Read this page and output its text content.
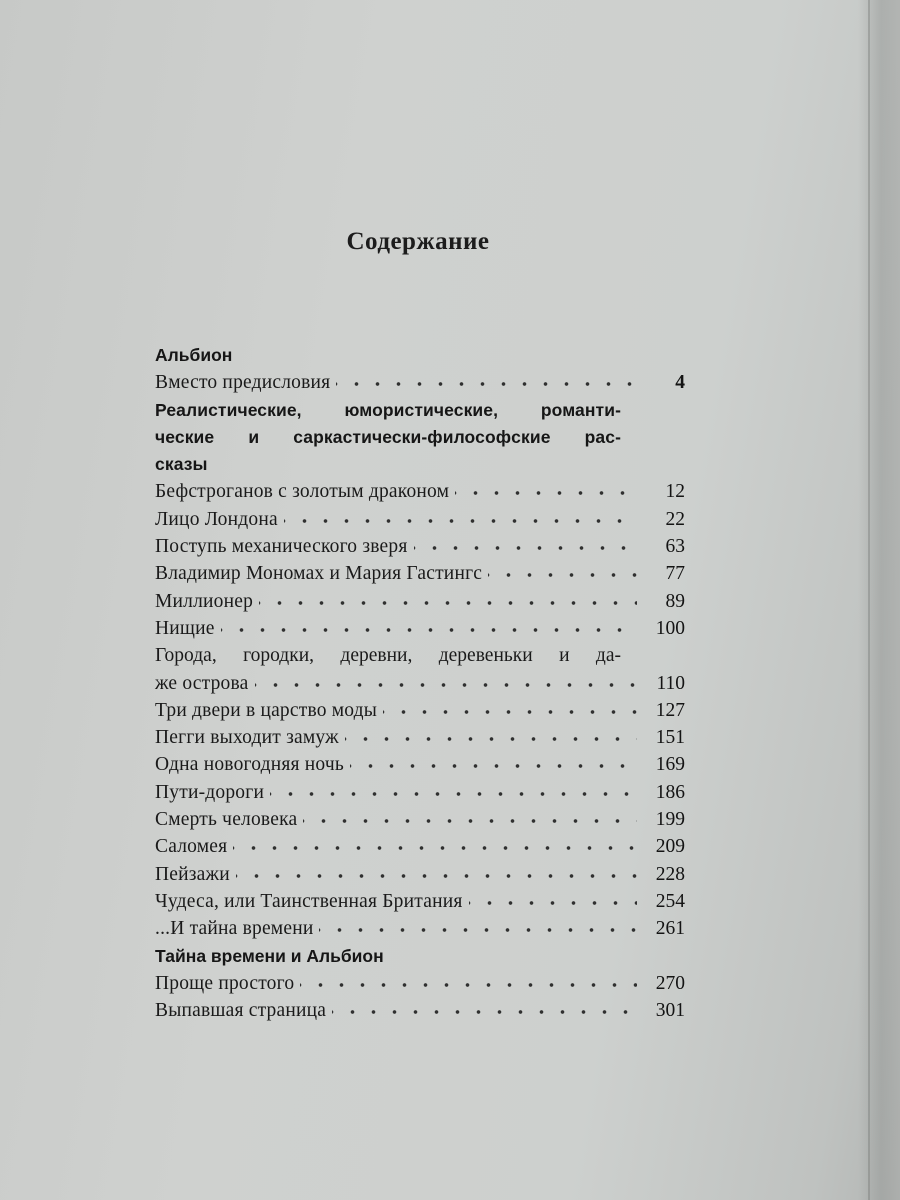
Содержание
Альбион
Вместо предисловия	4
Реалистические, юмористические, романти-
ческие и саркастически-философские рас-
сказы
Бефстроганов с золотым драконом	12
Лицо Лондона	22
Поступь механического зверя	63
Владимир Мономах и Мария Гастингс	77
Миллионер	89
Нищие	100
Города, городки, деревни, деревеньки и да-
же острова	110
Три двери в царство моды	127
Пегги выходит замуж	151
Одна новогодняя ночь	169
Пути-дороги	186
Смерть человека	199
Саломея	209
Пейзажи	228
Чудеса, или Таинственная Британия	254
...И тайна времени	261
Тайна времени и Альбион
Проще простого	270
Выпавшая страница	301
